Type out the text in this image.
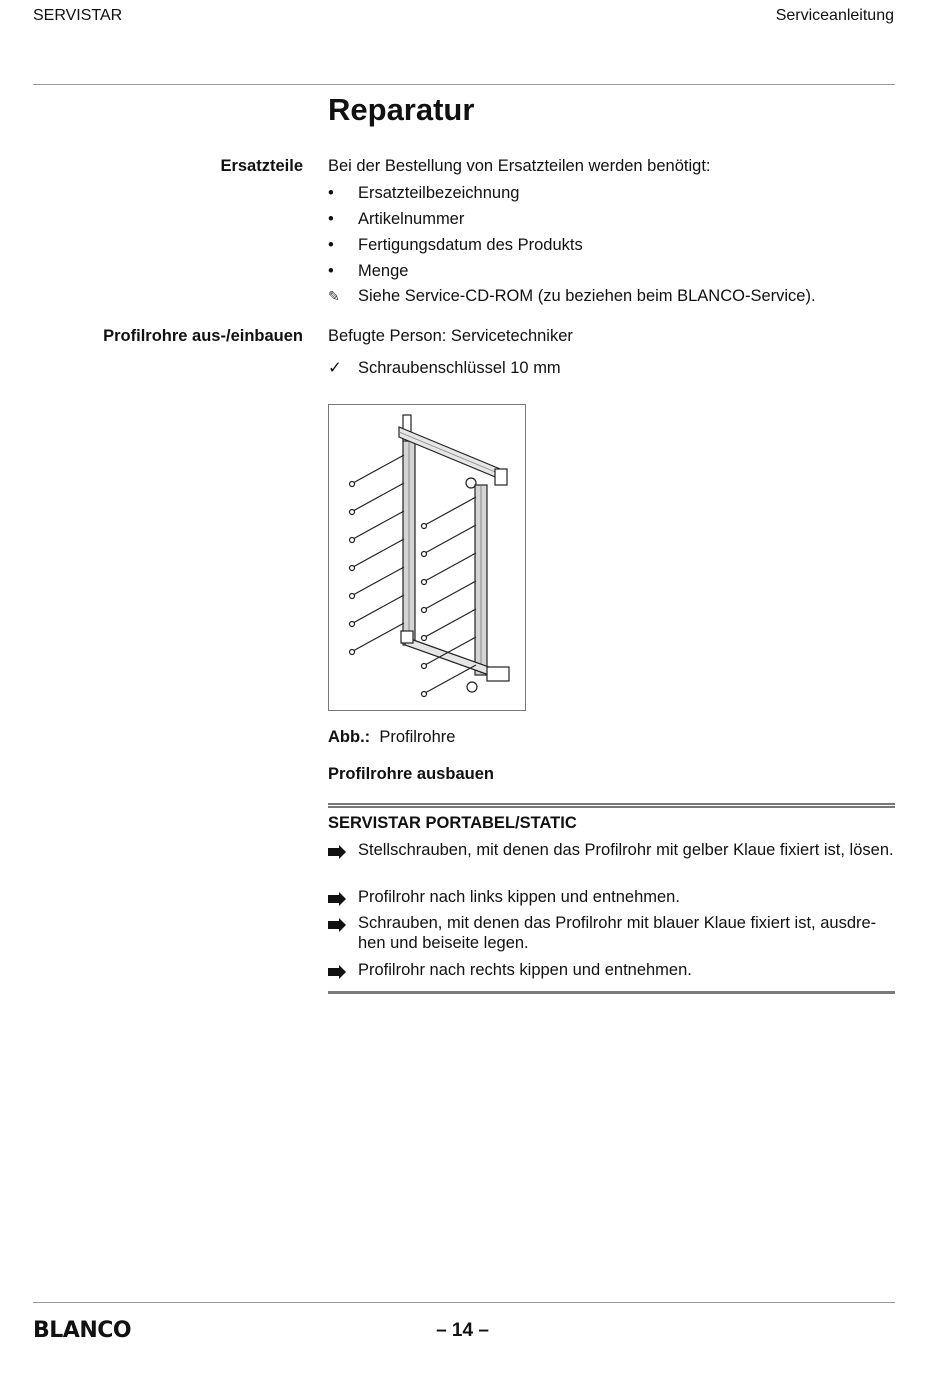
SERVISTAR	Serviceanleitung
Reparatur
Ersatzteile Bei der Bestellung von Ersatzteilen werden benötigt:
•	Ersatzteilbezeichnung
•	Artikelnummer
•	Fertigungsdatum des Produkts
•	Menge
✎	Siehe Service-CD-ROM (zu beziehen beim BLANCO-Service).
Profilrohre aus-/einbauen Befugte Person: Servicetechniker
✓ Schraubenschlüssel 10 mm
Abb.: Profilrohre
Profilrohre ausbauen
SERVISTAR PORTABEL/STATIC
Stellschrauben, mit denen das Profilrohr mit gelber Klaue fixiert ist, lösen.
Profilrohr nach links kippen und entnehmen.
Schrauben, mit denen das Profilrohr mit blauer Klaue fixiert ist, ausdre-hen und beiseite legen.
Profilrohr nach rechts kippen und entnehmen.
BLANCO	– 14 –
